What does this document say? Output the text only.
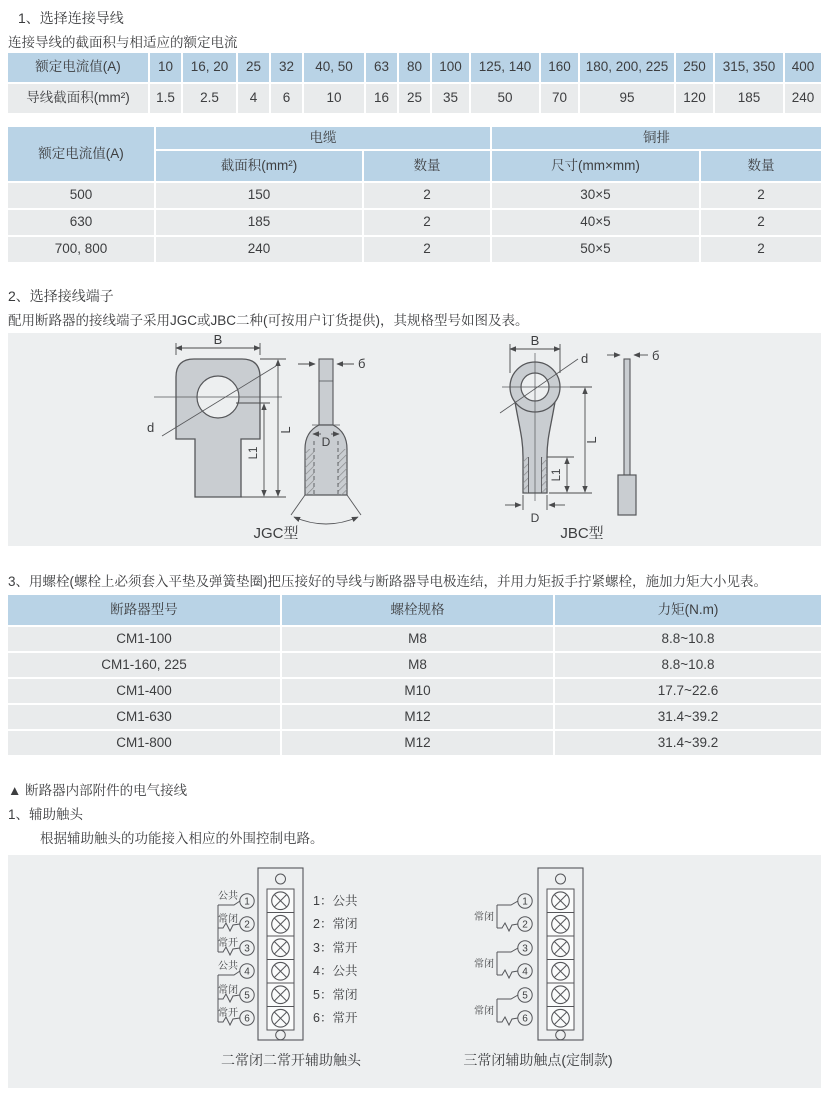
1、选择连接导线
连接导线的截面积与相适应的额定电流
额定电流值(A)	10	16, 20	25	32	40, 50	63	80	100	125, 140	160	180, 200, 225	250	315, 350	400
导线截面积(mm²)	1.5	2.5	4	6	10	16	25	35	50	70	95	120	185	240
额定电流值(A)
电缆	铜排
截面积(mm²)	数量	尺寸(mm×mm)	数量
500	150	2	30×5	2
630	185	2	40×5	2
700, 800	240	2	50×5	2
2、选择接线端子
配用断路器的接线端子采用JGC或JBC二种(可按用户订货提供)，其规格型号如图及表。
B
d	L
L1
б
D
JGC型
B
d
L
L1
D
б
JBC型
3、用螺栓(螺栓上必须套入平垫及弹簧垫圈)把压接好的导线与断路器导电极连结，并用力矩扳手拧紧螺栓，施加力矩大小见表。
断路器型号	螺栓规格	力矩(N.m)
CM1-100	M8	8.8~10.8
CM1-160, 225	M8	8.8~10.8
CM1-400	M10	17.7~22.6
CM1-630	M12	31.4~39.2
CM1-800	M12	31.4~39.2
▲ 断路器内部附件的电气接线
1、辅助触头
根据辅助触头的功能接入相应的外围控制电路。
1
2
3
4
5
6
公共
常闭
常开
公共
常闭
常开
1：公共
2：常闭
3：常开
4：公共
5：常闭
6：常开
二常闭二常开辅助触头
1
2
3
4
5
6
常闭
常闭
常闭
三常闭辅助触点(定制款)
